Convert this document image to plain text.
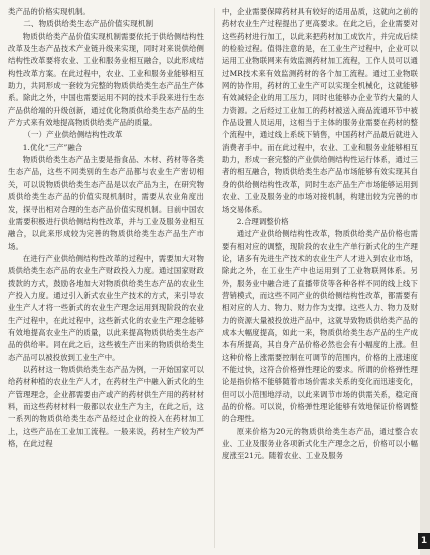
类产品的价格实现机制。

二、物质供给类生态产品价值实现机制

物质供给类产品价值实现机制需要依托于供给侧结构性改革及生态产品技术产业链升级来实现，同时对来说供给侧结构性改革要将农业、工业和服务业相互融合，以此形成结构性改革方案。在此过程中，农业、工业和服务业能够相互助力，共同形成一套较为完整的物质供给类生态产品生产体系。除此之外，中国也需要运用不同的技术手段来进行生态产品供给端的升级创新，通过优化物质供给类生态产品的生产方式来有效地提高物质供给类产品的质量。

（一）产业供给侧结构性改革
1.优化“三产”融合

物质供给类生态产品主要是指食品、木材、药材等各类生态产品，这些不同类别的生态产品都与农业生产密切相关，可以说物质供给类生态产品是以农产品为主，在研究物质供给类生态产品的价值实现机制时，需要从农业角度出发，探寻出相对合理的生态产品价值实现机制。目前中国农业需要积极进行供给侧结构性改革，并与工业及服务业相互融合，以此来形成较为完善的物质供给类生态产品生产市场。

在进行产业供给侧结构性改革的过程中，需要加大对物质供给类生态产品的农业生产财政投入力度。通过国家财政拨款的方式，鼓励各地加大对物质供给类生态产品的农业生产投入力度。通过引入新式农业生产技术的方式，来引导农业生产人才将一些新式的农业生产理念运用到现阶段的农业生产过程中，在此过程中，这些新式化的农业生产理念能够有效地提高农业生产的质量，以此来提高物质供给类生态产品的供给率。同在此之后，这些被生产出来的物质供给类生态产品可以被投放到工业生产中。

以药材这一物质供给类生态产品为例，一开始国家可以给药材种植的农业生产人才，在药材生产中融入新式化的生产管理理念，企业都需要由产或产的药材供生产用的药材材料，而这些药材材料一般都以农业生产为主，在此之后，这一系列的物质供给类生态产品经过企业的投入在药材加工上，这些产品在工业加工流程。一般来说，药材生产较为严格，在此过程

中，企业需要保障药材具有较好的适用品质，这就向之前的药材农业生产过程提出了更高要求。在此之后，企业需要对这些药材进行加工，以此来把药材加工成饮片，并完成后续的检验过程。值得注意的是，在工业生产过程中，企业可以运用工业物联网来有效监测药材加工流程，工作人员可以通过MR技术来有效监测药材的各个加工流程。通过工业物联网的协作用，药材的工业生产可以实现全机械化，这就能够有效减轻企业的用工压力，同时也能够办企业节约大量的人力资源。之后经过工业加工的药材被送入商品流通环节中被作品设置人员运用，这相当于主体的服务业需要在药材的整个流程中，通过线上系统下销售，中国药材产品最后就进入消费者手中。而在此过程中，农业、工业和服务业能够相互助力，形成一套完整的产业供给侧结构性运行体系，通过三者的相互融合，物质供给类生态产品市场能够有效实现其自身的供给侧结构性改革，同时生态产品生产市场能够运用到农业、工业及服务业的市场对接机制，构建出较为完善的市场交易体系。

2.合理调整价格

通过产业供给侧结构性改革，物质供给类产品价格也需要有相对应的调整，现阶段的农业生产单行新式化的生产理论，诸多有先进生产技术的农业生产人才进入到农业市场，除此之外，在工业生产中也运用到了工业物联网体系。另外，服务业中融合进了直播带货等各种各样不同的线上线下营销模式，而这些不同产业的供给侧结构性改革，都需要有相对应的人力、物力、财力作为支撑。这些人力、物力及财力的资源大量被投放进产品中，这就导致物质供给类产品的成本大幅度提高，如此一来，物质供给类生态产品的生产成本有所提高，其自身产品价格必然也会有小幅度的上涨。但这种价格上涨需要控制在可调节的范围内，价格的上涨速度不能过快，这符合价格弹性理论的要求。所谓的价格弹性理论是指价格不能够随着市场价需求关系的变化而迅速变化，但可以小范围地浮动，以此来调节市场的供需关系，稳定商品的价格。可以说，价格弹性理论能够有效地保证价格调整的合理性。

原来价格为20元的物质供给类生态产品，通过整合农业、工业及服务业各项新式化生产理念之后，价格可以小幅度涨至21元。随着农业、工业及服务

1
